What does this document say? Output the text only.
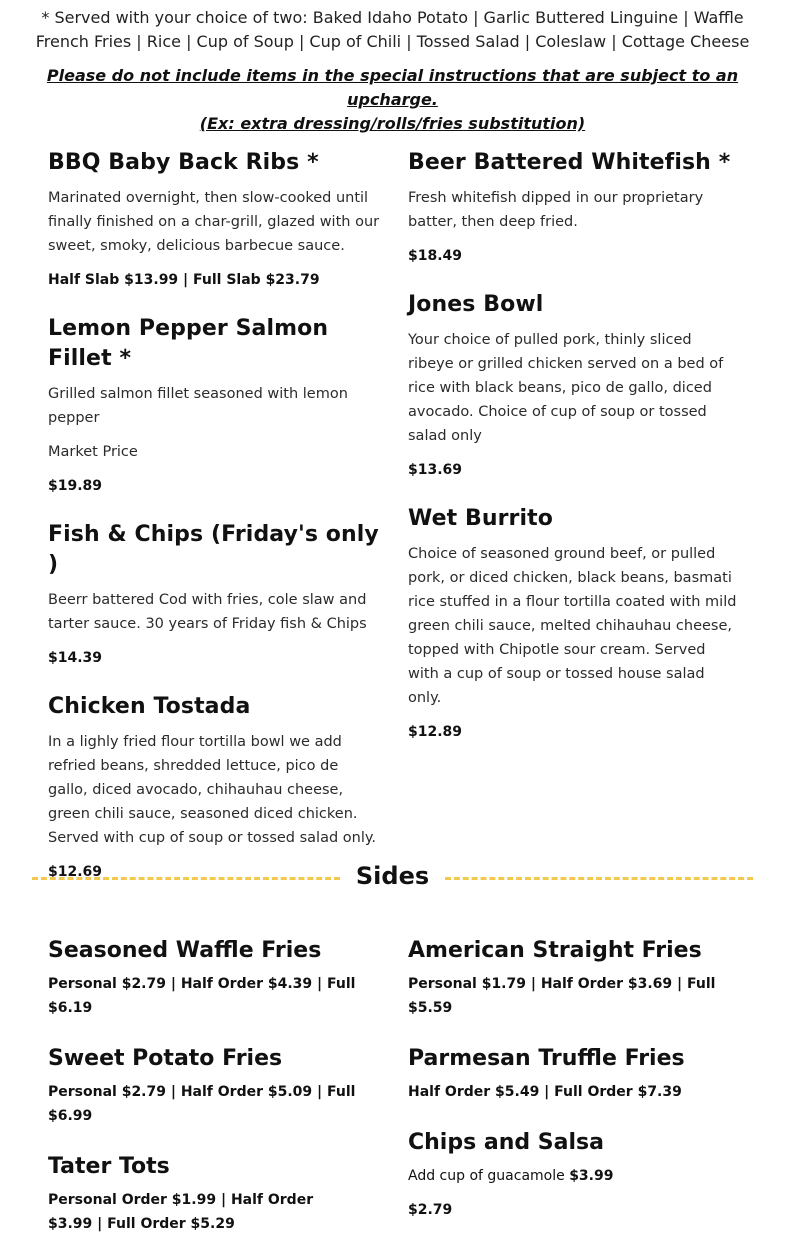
* Served with your choice of two: Baked Idaho Potato | Garlic Buttered Linguine | Waffle French Fries | Rice | Cup of Soup | Cup of Chili | Tossed Salad | Coleslaw | Cottage Cheese
Please do not include items in the special instructions that are subject to an upcharge.
(Ex: extra dressing/rolls/fries substitution)
BBQ Baby Back Ribs *
Marinated overnight, then slow-cooked until finally finished on a char-grill, glazed with our sweet, smoky, delicious barbecue sauce.
Half Slab $13.99 | Full Slab $23.79
Lemon Pepper Salmon Fillet *
Grilled salmon fillet seasoned with lemon pepper
Market Price
$19.89
Fish & Chips (Friday's only )
Beerr battered Cod with fries, cole slaw and tarter sauce. 30 years of Friday fish & Chips
$14.39
Chicken Tostada
In a lighly fried flour tortilla bowl we add refried beans, shredded lettuce, pico de gallo, diced avocado, chihauhau cheese, green chili sauce, seasoned diced chicken. Served with cup of soup or tossed salad only.
$12.69
Beer Battered Whitefish *
Fresh whitefish dipped in our proprietary batter, then deep fried.
$18.49
Jones Bowl
Your choice of pulled pork, thinly sliced ribeye or grilled chicken served on a bed of rice with black beans, pico de gallo, diced avocado. Choice of cup of soup or tossed salad only
$13.69
Wet Burrito
Choice of seasoned ground beef, or pulled pork, or diced chicken, black beans, basmati rice stuffed in a flour tortilla coated with mild green chili sauce, melted chihauhau cheese, topped with Chipotle sour cream. Served with a cup of soup or tossed house salad only.
$12.89
Sides
Seasoned Waffle Fries
Personal $2.79 | Half Order $4.39 | Full $6.19
Sweet Potato Fries
Personal $2.79 | Half Order $5.09 | Full $6.99
Tater Tots
Personal Order $1.99 | Half Order $3.99 | Full Order $5.29
American Straight Fries
Personal $1.79 | Half Order $3.69 | Full $5.59
Parmesan Truffle Fries
Half Order $5.49 | Full Order $7.39
Chips and Salsa
Add cup of guacamole $3.99
$2.79
